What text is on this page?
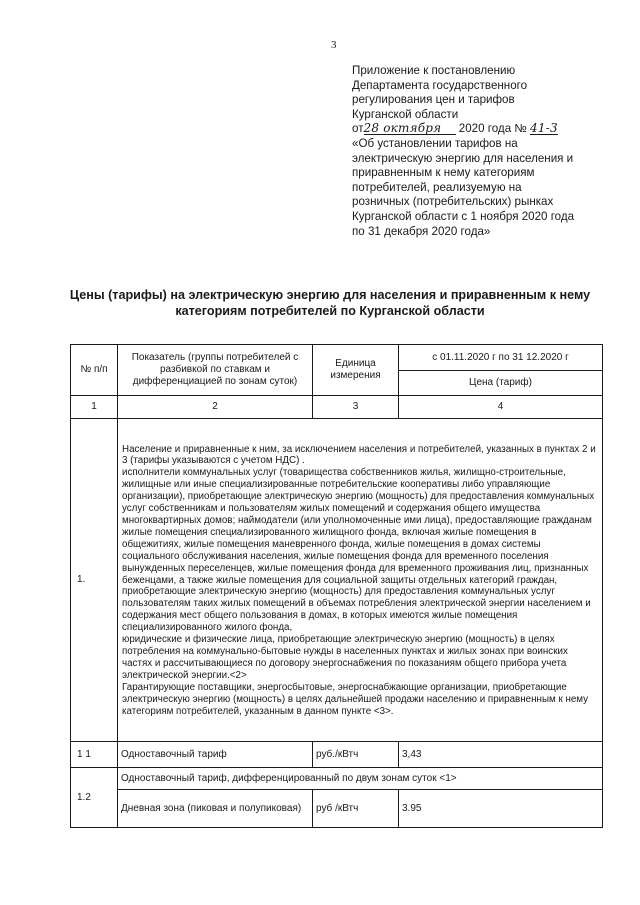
3
Приложение к постановлению
Департамента государственного
регулирования цен и тарифов
Курганской области
от28 октября 2020 года № 41-3
«Об установлении тарифов на
электрическую энергию для населения и
приравненным к нему категориям
потребителей, реализуемую на
розничных (потребительских) рынках
Курганской области с 1 ноября 2020 года
по 31 декабря 2020 года»
Цены (тарифы) на электрическую энергию для населения и приравненным к нему категориям потребителей по Курганской области
№ п/п	Показатель (группы потребителей с разбивкой по ставкам и дифференциацией по зонам суток)	Единица измерения	с 01.11.2020 г по 31 12.2020 г
			Цена (тариф)
1	2	3	4
1.	Население и приравненные к ним, за исключением населения и потребителей, указанных в пунктах 2 и 3 (тарифы указываются с учетом НДС) .
исполнители коммунальных услуг (товарищества собственников жилья, жилищно-строительные, жилищные или иные специализированные потребительские кооперативы либо управляющие организации), приобретающие электрическую энергию (мощность) для предоставления коммунальных услуг собственникам и пользователям жилых помещений и содержания общего имущества многоквартирных домов; наймодатели (или уполномоченные ими лица), предоставляющие гражданам жилые помещения специализированного жилищного фонда, включая жилые помещения в общежитиях, жилые помещения маневренного фонда, жилые помещения в домах системы социального обслуживания населения, жилые помещения фонда для временного поселения вынужденных переселенцев, жилые помещения фонда для временного проживания лиц, признанных беженцами, а также жилые помещения для социальной защиты отдельных категорий граждан, приобретающие электрическую энергию (мощность) для предоставления коммунальных услуг пользователям таких жилых помещений в объемах потребления электрической энергии населением и содержания мест общего пользования в домах, в которых имеются жилые помещения специализированного жилого фонда,
юридические и физические лица, приобретающие электрическую энергию (мощность) в целях потребления на коммунально-бытовые нужды в населенных пунктах и жилых зонах при воинских частях и рассчитывающиеся по договору энергоснабжения по показаниям общего прибора учета электрической энергии.<2>
Гарантирующие поставщики, энергосбытовые, энергоснабжающие организации, приобретающие электрическую энергию (мощность) в целях дальнейшей продажи населению и приравненным к нему категориям потребителей, указанным в данном пункте <3>.		

1 1	Одноставочный тариф	руб./кВтч	3,43
1.2	Одноставочный тариф, дифференцированный по двум зонам суток <1>		
	Дневная зона (пиковая и полупиковая)	руб /кВтч	3.95
